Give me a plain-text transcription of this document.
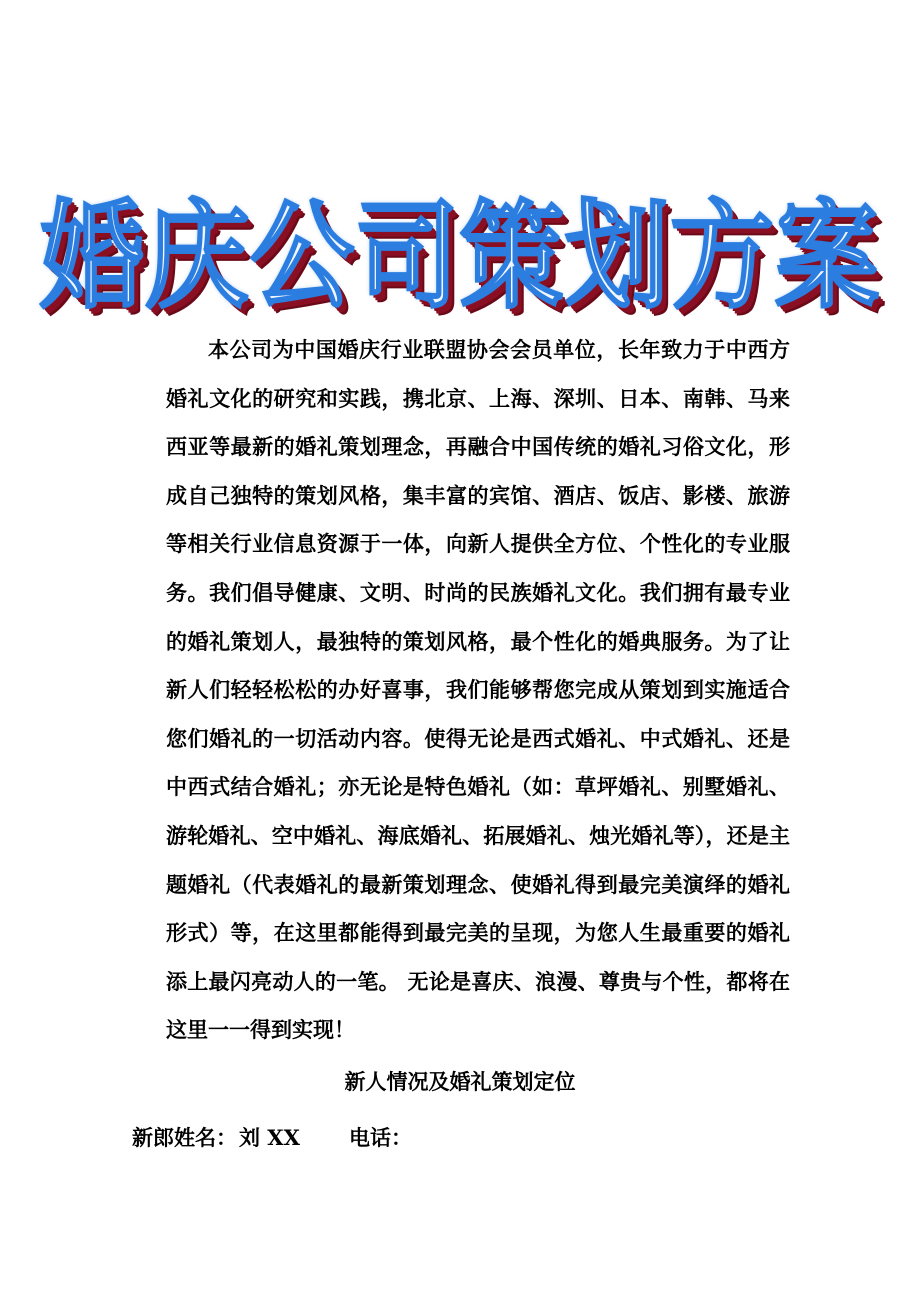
婚庆公司策划方案

本公司为中国婚庆行业联盟协会会员单位，长年致力于中西方婚礼文化的研究和实践，携北京、上海、深圳、日本、南韩、马来西亚等最新的婚礼策划理念，再融合中国传统的婚礼习俗文化，形成自己独特的策划风格，集丰富的宾馆、酒店、饭店、影楼、旅游等相关行业信息资源于一体，向新人提供全方位、个性化的专业服务。我们倡导健康、文明、时尚的民族婚礼文化。我们拥有最专业的婚礼策划人，最独特的策划风格，最个性化的婚典服务。为了让新人们轻轻松松的办好喜事，我们能够帮您完成从策划到实施适合您们婚礼的一切活动内容。使得无论是西式婚礼、中式婚礼、还是中西式结合婚礼；亦无论是特色婚礼（如：草坪婚礼、别墅婚礼、游轮婚礼、空中婚礼、海底婚礼、拓展婚礼、烛光婚礼等），还是主题婚礼（代表婚礼的最新策划理念、使婚礼得到最完美演绎的婚礼形式）等，在这里都能得到最完美的呈现，为您人生最重要的婚礼添上最闪亮动人的一笔。 无论是喜庆、浪漫、尊贵与个性，都将在这里一一得到实现！

新人情况及婚礼策划定位
新郎姓名：刘 XX 电话：
